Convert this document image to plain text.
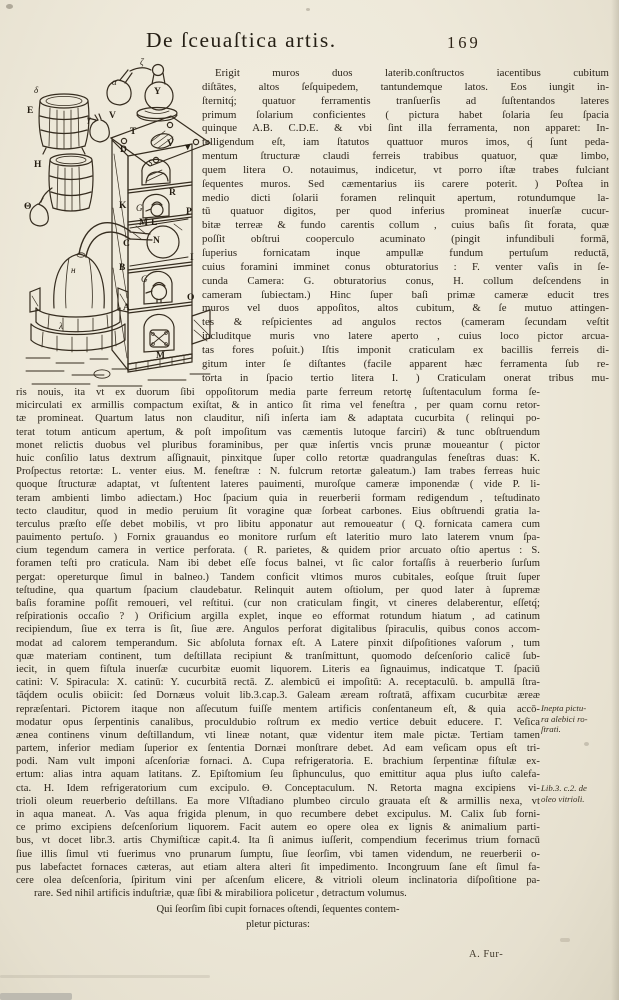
De ſceuaſtica artis.	169
δ
Ε
α
γ
ζ
Y
Η
Θ
V
T
V ▼
D
S
R
G
K
P
M L
N
C
I
B
G
O
A
λ
ʜ
M
Erigit muros duos laterib.conſtructos iacentibus cubitum
diſtātes, altos ſeſquipedem, tantundemque latos. Eos iungit in-
ſternitq́; quatuor ferramentis tranſuerſis ad ſuſtentandos lateres
primum ſolarium conficientes ( pictura habet ſolaria ſeu ſpacia
quinque A.B. C.D.E. & vbi ſint illa ferramenta, non apparet: In-
telligendum eſt, iam ſtatutos quattuor muros imos, q́ ſunt peda-
mentum ſtructuræ claudi ferreis trabibus quatuor, quæ limbo,
quem litera O. notauimus, indicetur, vt porro iſtæ trabes fulciant
ſequentes muros. Sed cæmentarius iis carere poterit. ) Poſtea in
medio dicti ſolarii foramen relinquit apertum, rotundumque la-
tū quatuor digitos, per quod inferius promineat inuerſæ cucur-
bitæ terreæ & fundo carentis collum , cuius baſis ſit forata, quæ
poſſit obſtrui cooperculo acuminato (pingit infundibuli formā,
ſuperius fornicatam inque ampullæ fundum pertuſum reductā,
cuius foramini imminet conus obturatorius : F. venter vaſis in ſe-
cunda Camera: G. obturatorius conus, H. collum deſcendens in
cameram ſubiectam.) Hinc ſuper baſi primæ cameræ educit tres
muros vel duos appoſitos, altos cubitum, & ſe mutuo attingen-
tes & reſpicientes ad angulos rectos (cameram ſecundam veſtit
includitque muris vno latere aperto , cuius loco pictor arcua-
tas fores poſuit.) Iſtis imponit craticulam ex bacillis ferreis di-
gitum inter ſe diſtantes (facile apparent hæc ferramenta ſub re-
torta in ſpacio tertio litera I. ) Craticulam onerat tribus mu-
ris nouis, ita vt ex duorum ſibi oppoſitorum media parte ferreum retortę ſuſtentaculum forma ſe-
micirculati ex armillis compactum exiſtat, & in antico ſit rima vel feneſtra , per quam cornu retor-
tæ promineat. Quartum latus non clauditur, niſi inſerta iam & adaptata cucurbita ( relinqui po-
terat totum anticum apertum, & poſt impoſitum vas cæmentis lutoque farciri) & tunc obſtruendum
monet relictis duobus vel pluribus foraminibus, per quæ inſertis vncis prunæ moueantur ( pictor
huic conſilio latus dextrum aſſignauit, pinxitque ſuper collo retortæ quadrangulas feneſtras duas: K.
Proſpectus retortæ: L. venter eius. M. feneſtræ : N. fulcrum retortæ galeatum.) Iam trabes ferreas huic
quoque ſtructuræ adaptat, vt ſuſtentent lateres pauimenti, muroſque cameræ imponendæ ( vide P. li-
teram ambienti limbo adiectam.) Hoc ſpacium quia in reuerberii formam redigendum , teſtudinato
tecto clauditur, quod in medio peruium ſit voragine quæ ſorbeat carbones. Eius obſtruendi gratia la-
terculus præſto eſſe debet mobilis, vt pro libitu apponatur aut remoueatur ( Q. fornicata camera cum
pauimento pertuſo. ) Fornix grauandus eo monitore rurſum eſt lateritio muro lato laterem vnum ſpa-
cium tegendum camera in vertice perforata. ( R. parietes, & quidem prior arcuato oſtio apertus : S.
foramen teſti pro craticula. Nam ibi debet eſſe focus balnei, vt ſic calor fortaſſis à reuerberio ſurſum
pergat: opereturque ſimul in balneo.) Tandem conficit vltimos muros cubitales, eoſque ſtruit ſuper
teſtudine, qua quartum ſpacium claudebatur. Relinquit autem oſtiolum, per quod later à ſupremæ
baſis foramine poſſit remoueri, vel reſtitui. (cur non craticulam fingit, vt cineres delaberentur, eſſetq́;
reſpirationis occaſio ? ) Orificium argilla explet, inque eo efformat rotundum hiatum , ad catinum
recipiendum, ſiue ex terra is ſit, ſiue ære. Angulos perforat digitalibus ſpiraculis, quibus conos accom-
modat ad calorem temperandum. Sic abſoluta fornax eſt. A Latere pinxit diſpoſitiones vaſorum , tum
quæ materiam continent, tum deſtillata recipiunt & tranſmittunt, quomodo deſcenſorio calicē ſub-
iecit, in quem fiſtula inuerſæ cucurbitæ euomit liquorem. Literis ea ſignauimus, indicatque T. ſpaciū
catini: V. Spiracula: X. catinū: Y. cucurbitā rectā. Z. alembicū ei impoſitū: A. receptaculū. b. ampullā ſtra-
tāq́dem oculis obiicit: ſed Dornæus voluit lib.3.cap.3. Galeam æream roſtratā, affixam cucurbitæ æreæ
repræſentari. Pictorem itaque non aſſecutum fuiſſe mentem artificis conſentaneum eſt, & quia accō-
modatur opus ſerpentinis canalibus, proculdubio roſtrum ex medio vertice debuit educere. Γ. Veſica
ænea continens vinum deſtillandum, vti lineæ notant, quæ videntur item male pictæ. Tertiam tamen
partem, inferior mediam ſuperior ex ſententia Dornæi monſtrare debet. Ad eam veſicam opus eſt tri-
podi. Nam vult imponi aſcenſoriæ fornaci. Δ. Cupa refrigeratoria. Ε. brachium ſerpentinæ fiſtulæ ex-
ertum: alias intra aquam latitans. Ζ. Epiſtomium ſeu ſiphunculus, quo emittitur aqua plus iuſto calefa-
cta. Η. Idem refrigeratorium cum excipulo. Θ. Conceptaculum. Ν. Retorta magna excipiens vi-
trioli oleum reuerberio deſtillans. Ea more Vlſtadiano plumbeo circulo grauata eſt & armillis nexa, vt
in aqua maneat. Λ. Vas aqua frigida plenum, in quo recumbere debet excipulus. Μ. Calix ſub forni-
ce primo excipiens deſcenſorium liquorem. Facit autem eo opere olea ex lignis & animalium parti-
bus, vt docet libr.3. artis Chymiſticæ capit.4. Ita ſi animus iuſſerit, compendium fecerimus trium fornacū
ſiue illis ſimul vti fuerimus vno prunarum ſumptu, ſiue ſeorſim, vbi tamen videndum, ne reuerberii o-
pus labefactet fornaces cæteras, aut etiam altera alteri ſit impedimento. Incongruum ſane eſt ſimul fa-
cere olea deſcenſoria, ſpiritum vini per aſcenſum elicere, & vitrioli oleum inclinatoria diſpoſitione pa-
rare. Sed nihil artificis induſtriæ, quæ ſibi & mirabiliora policetur , detractum volumus.
Qui ſeorſim ſibi cupit fornaces oſtendi, ſequentes contem-
pletur picturas:
Inepta pictu-
ra alebici ro-
ſtrati.
Lib.3. c.2. de
oleo vitrioli.
A. Fur-
